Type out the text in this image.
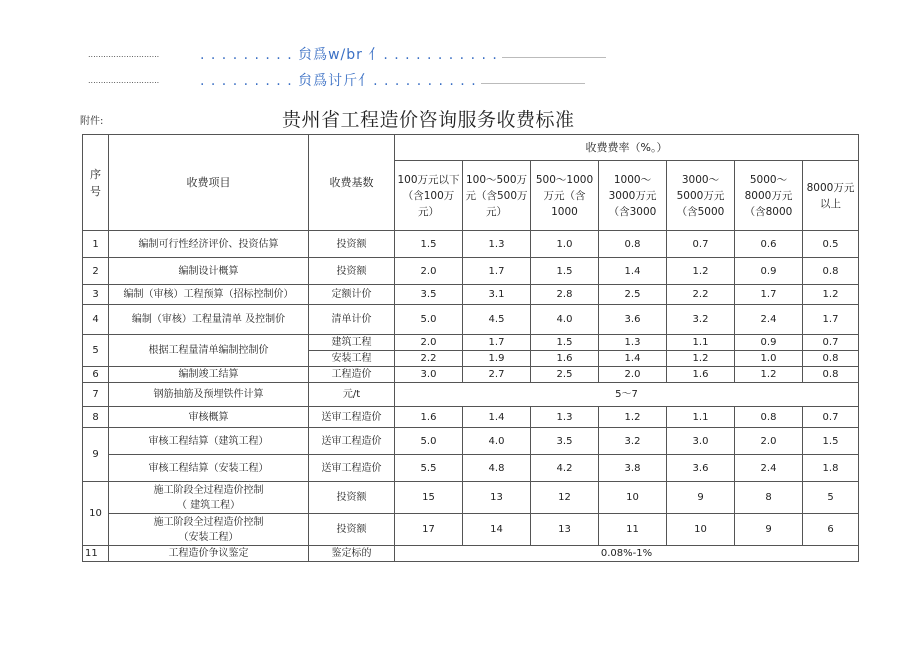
............................	. . . . . . . . . 贠爲w/br 亻. . . . . . . . . . .
............................	. . . . . . . . . 贠爲讨斤亻. . . . . . . . . .
附件:	贵州省工程造价咨询服务收费标准
序号	收费项目	收费基数	收费费率（%。）						
			100万元以下（含100万元）	100～500万元（含500万元）	500～1000万元（含1000	1000～3000万元（含3000	3000～5000万元（含5000	5000～8000万元（含8000	8000万元以上
1	编制可行性经济评价、投资估算	投资额	1.5	1.3	1.0	0.8	0.7	0.6	0.5
2	编制设计概算	投资额	2.0	1.7	1.5	1.4	1.2	0.9	0.8
3	编制（审核）工程预算（招标控制价）	定额计价	3.5	3.1	2.8	2.5	2.2	1.7	1.2
4	编制（审核）工程量清单 及控制价	清单计价	5.0	4.5	4.0	3.6	3.2	2.4	1.7
5	根据工程量清单编制控制价	建筑工程	2.0	1.7	1.5	1.3	1.1	0.9	0.7
		安装工程	2.2	1.9	1.6	1.4	1.2	1.0	0.8
6	编制竣工结算	工程造价	3.0	2.7	2.5	2.0	1.6	1.2	0.8
7	钢筋抽筋及预埋铁件计算	元/t	5～7						
8	审核概算	送审工程造价	1.6	1.4	1.3	1.2	1.1	0.8	0.7
9	审核工程结算（建筑工程）	送审工程造价	5.0	4.0	3.5	3.2	3.0	2.0	1.5
	审核工程结算（安装工程）	送审工程造价	5.5	4.8	4.2	3.8	3.6	2.4	1.8
10	施工阶段全过程造价控制
（ 建筑工程）	投资额	15	13	12	10	9	8	5

	施工阶段全过程造价控制
（安装工程）	投资额	17	14	13	11	10	9	6
11	工程造价争议鉴定	鉴定标的	0.08%-1%						
